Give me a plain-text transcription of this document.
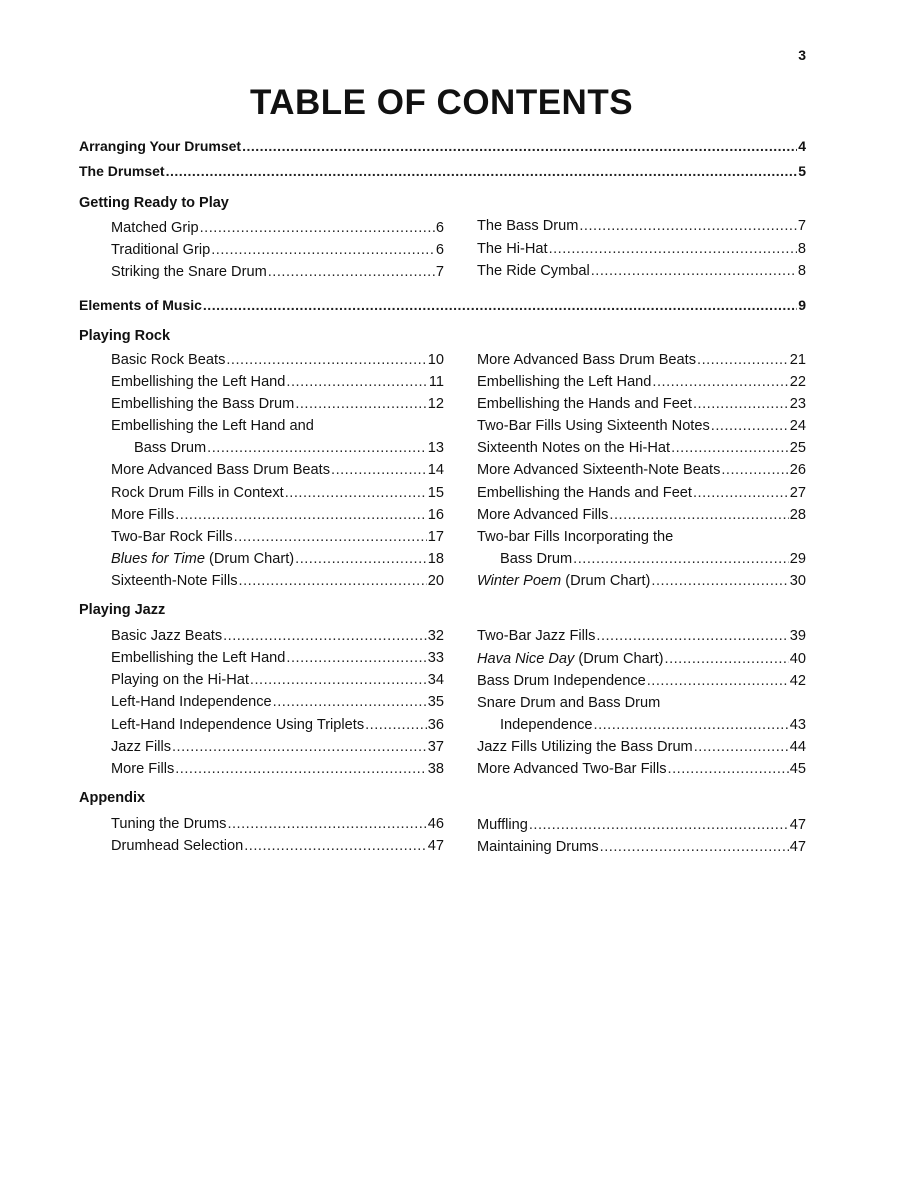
3
TABLE OF CONTENTS
Arranging Your Drumset .....	4
The Drumset .....	5
Getting Ready to Play
Matched Grip .....	6
Traditional Grip .....	6
Striking the Snare Drum .....	7
The Bass Drum .....	7
The Hi-Hat .....	8
The Ride Cymbal .....	8
Elements of Music .....	9
Playing Rock
Basic Rock Beats .....	10
Embellishing the Left Hand .....	11
Embellishing the Bass Drum .....	12
Embellishing the Left Hand and
Bass Drum .....	13
More Advanced Bass Drum Beats .....	14
Rock Drum Fills in Context .....	15
More Fills .....	16
Two-Bar Rock Fills .....	17
Blues for Time (Drum Chart) .....	18
Sixteenth-Note Fills .....	20
More Advanced Bass Drum Beats .....	21
Embellishing the Left Hand .....	22
Embellishing the Hands and Feet .....	23
Two-Bar Fills Using Sixteenth Notes .....	24
Sixteenth Notes on the Hi-Hat .....	25
More Advanced Sixteenth-Note Beats .....	26
Embellishing the Hands and Feet .....	27
More Advanced Fills .....	28
Two-bar Fills Incorporating the
Bass Drum .....	29
Winter Poem (Drum Chart) .....	30
Playing Jazz
Basic Jazz Beats .....	32
Embellishing the Left Hand .....	33
Playing on the Hi-Hat .....	34
Left-Hand Independence .....	35
Left-Hand Independence Using Triplets .....	36
Jazz Fills .....	37
More Fills .....	38
Two-Bar Jazz Fills .....	39
Hava Nice Day (Drum Chart) .....	40
Bass Drum Independence .....	42
Snare Drum and Bass Drum
Independence .....	43
Jazz Fills Utilizing the Bass Drum .....	44
More Advanced Two-Bar Fills .....	45
Appendix
Tuning the Drums .....	46
Drumhead Selection .....	47
Muffling .....	47
Maintaining Drums .....	47
